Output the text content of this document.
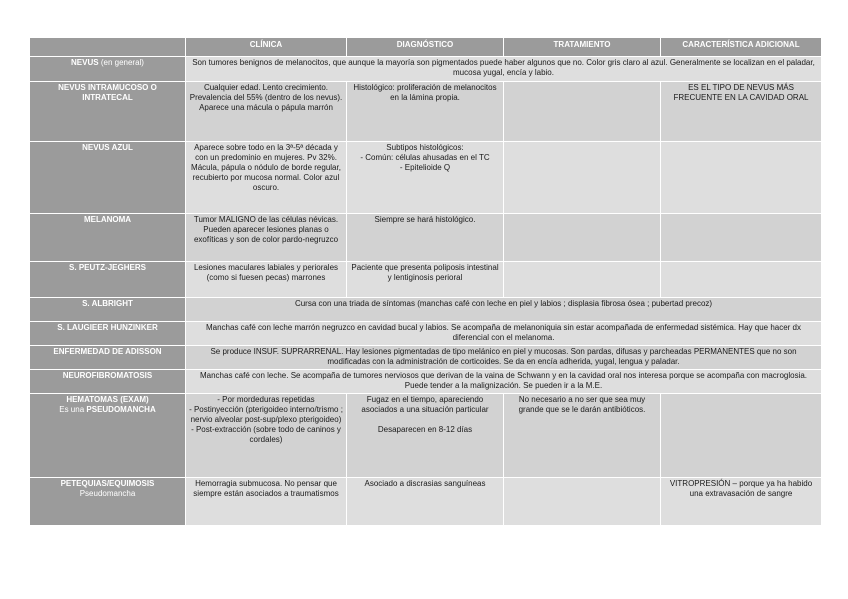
	CLÍNICA	DIAGNÓSTICO	TRATAMIENTO	CARACTERÍSTICA ADICIONAL
NEVUS (en general)	Son tumores benignos de melanocitos, que aunque la mayoría son pigmentados puede haber algunos que no. Color gris claro al azul. Generalmente se localizan en el paladar, mucosa yugal, encía y labio.			
NEVUS INTRAMUCOSO O INTRATECAL	Cualquier edad. Lento crecimiento. Prevalencia del 55% (dentro de los nevus). Aparece una mácula o pápula marrón	Histológico: proliferación de melanocitos en la lámina propia.		ES EL TIPO DE NEVUS MÁS FRECUENTE EN LA CAVIDAD ORAL
NEVUS AZUL	Aparece sobre todo en la 3ª-5ª década y con un predominio en mujeres. Pv 32%. Mácula, pápula o nódulo de borde regular, recubierto por mucosa normal. Color azul oscuro.	Subtipos histológicos:
- Común: células ahusadas en el TC
- Epitelioide Q		
MELANOMA	Tumor MALIGNO de las células névicas. Pueden aparecer lesiones planas o exofíticas y son de color pardo-negruzco	Siempre se hará histológico.		
S. PEUTZ-JEGHERS	Lesiones maculares labiales y periorales (como si fuesen pecas) marrones	Paciente que presenta poliposis intestinal y lentiginosis perioral		
S. ALBRIGHT	Cursa con una triada de síntomas (manchas café con leche en piel y labios ; displasia fibrosa ósea ; pubertad precoz)			
S. LAUGIEER HUNZINKER	Manchas café con leche marrón negruzco en cavidad bucal y labios. Se acompaña de melanoniquia sin estar acompañada de enfermedad sistémica. Hay que hacer dx diferencial con el melanoma.			
ENFERMEDAD DE ADISSON	Se produce INSUF. SUPRARRENAL. Hay lesiones pigmentadas de tipo melánico en piel y mucosas. Son pardas, difusas y parcheadas PERMANENTES que no son modificadas con la administración de corticoides. Se da en encía adherida, yugal, lengua y paladar.			
NEUROFIBROMATOSIS	Manchas café con leche. Se acompaña de tumores nerviosos que derivan de la vaina de Schwann y en la cavidad oral nos interesa porque se acompaña con macroglosia. Puede tender a la malignización. Se pueden ir a la M.E.			
HEMATOMAS (EXAM)
Es una PSEUDOMANCHA	- Por mordeduras repetidas
- Postinyección (pterigoideo interno/trismo ; nervio alveolar post-sup/plexo pterigoideo)
- Post-extracción (sobre todo de caninos y cordales)	Fugaz en el tiempo, apareciendo asociados a una situación particular

Desaparecen en 8-12 días	No necesario a no ser que sea muy grande que se le darán antibióticos.	
PETEQUIAS/EQUIMOSIS
Pseudomancha	Hemorragia submucosa. No pensar que siempre están asociados a traumatismos	Asociado a discrasias sanguíneas		VITROPRESIÓN – porque ya ha habido una extravasación de sangre
